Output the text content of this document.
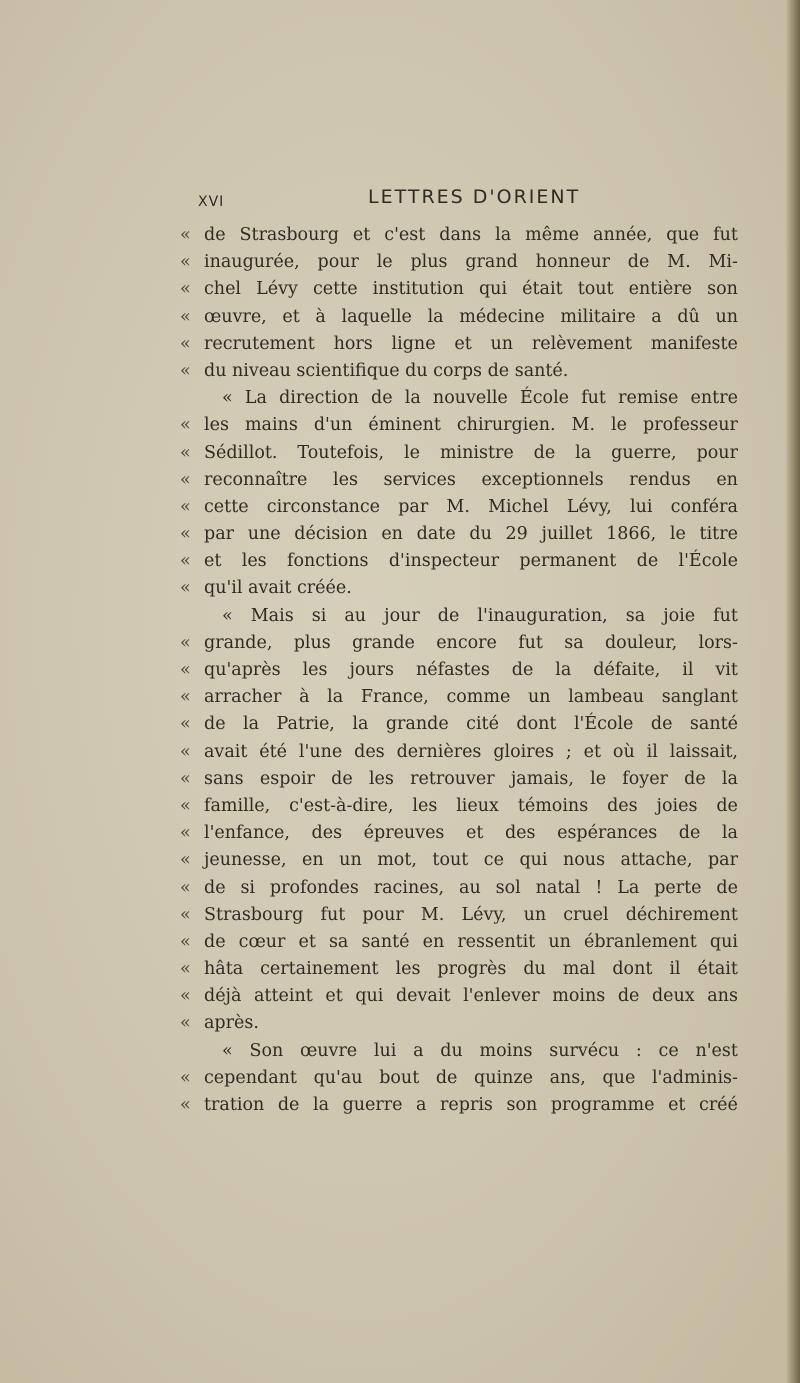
XVI	LETTRES D'ORIENT
« de Strasbourg et c'est dans la même année, que fut
« inaugurée, pour le plus grand honneur de M. Mi-
« chel Lévy cette institution qui était tout entière son
« œuvre, et à laquelle la médecine militaire a dû un
« recrutement hors ligne et un relèvement manifeste
« du niveau scientifique du corps de santé.
« La direction de la nouvelle École fut remise entre
« les mains d'un éminent chirurgien. M. le professeur
« Sédillot. Toutefois, le ministre de la guerre, pour
« reconnaître les services exceptionnels rendus en
« cette circonstance par M. Michel Lévy, lui conféra
« par une décision en date du 29 juillet 1866, le titre
« et les fonctions d'inspecteur permanent de l'École
« qu'il avait créée.
« Mais si au jour de l'inauguration, sa joie fut
« grande, plus grande encore fut sa douleur, lors-
« qu'après les jours néfastes de la défaite, il vit
« arracher à la France, comme un lambeau sanglant
« de la Patrie, la grande cité dont l'École de santé
« avait été l'une des dernières gloires ; et où il laissait,
« sans espoir de les retrouver jamais, le foyer de la
« famille, c'est-à-dire, les lieux témoins des joies de
« l'enfance, des épreuves et des espérances de la
« jeunesse, en un mot, tout ce qui nous attache, par
« de si profondes racines, au sol natal ! La perte de
« Strasbourg fut pour M. Lévy, un cruel déchirement
« de cœur et sa santé en ressentit un ébranlement qui
« hâta certainement les progrès du mal dont il était
« déjà atteint et qui devait l'enlever moins de deux ans
« après.
« Son œuvre lui a du moins survécu : ce n'est
« cependant qu'au bout de quinze ans, que l'adminis-
« tration de la guerre a repris son programme et créé
